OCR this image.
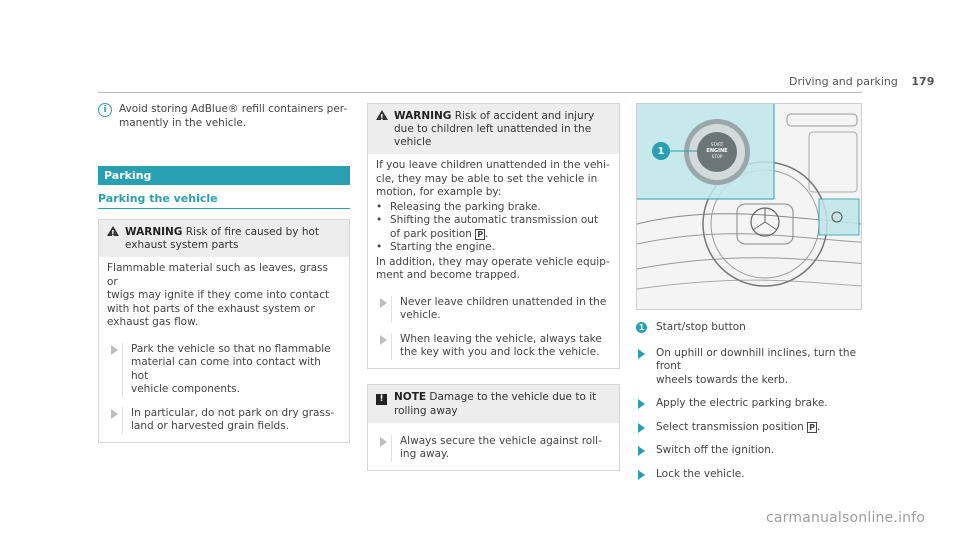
Driving and parking 179
i	Avoid storing AdBlue® refill containers per-
manently in the vehicle.
Parking
Parking the vehicle
! WARNING Risk of fire caused by hot
exhaust system parts
Flammable material such as leaves, grass or
twigs may ignite if they come into contact
with hot parts of the exhaust system or
exhaust gas flow.
Park the vehicle so that no flammable
material can come into contact with hot
vehicle components.
In particular, do not park on dry grass-
land or harvested grain fields.
! WARNING Risk of accident and injury
due to children left unattended in the
vehicle
If you leave children unattended in the vehi-
cle, they may be able to set the vehicle in
motion, for example by:
• Releasing the parking brake.
• Shifting the automatic transmission out
of park position P .
• Starting the engine.
In addition, they may operate vehicle equip-
ment and become trapped.
Never leave children unattended in the
vehicle.
When leaving the vehicle, always take
the key with you and lock the vehicle.
! NOTE Damage to the vehicle due to it
rolling away
Always secure the vehicle against roll-
ing away.
START
ENGINE
STOP
1
1 Start/stop button
On uphill or downhill inclines, turn the front
wheels towards the kerb.
Apply the electric parking brake.
Select transmission position P .
Switch off the ignition.
Lock the vehicle.
carmanualsonline.info
